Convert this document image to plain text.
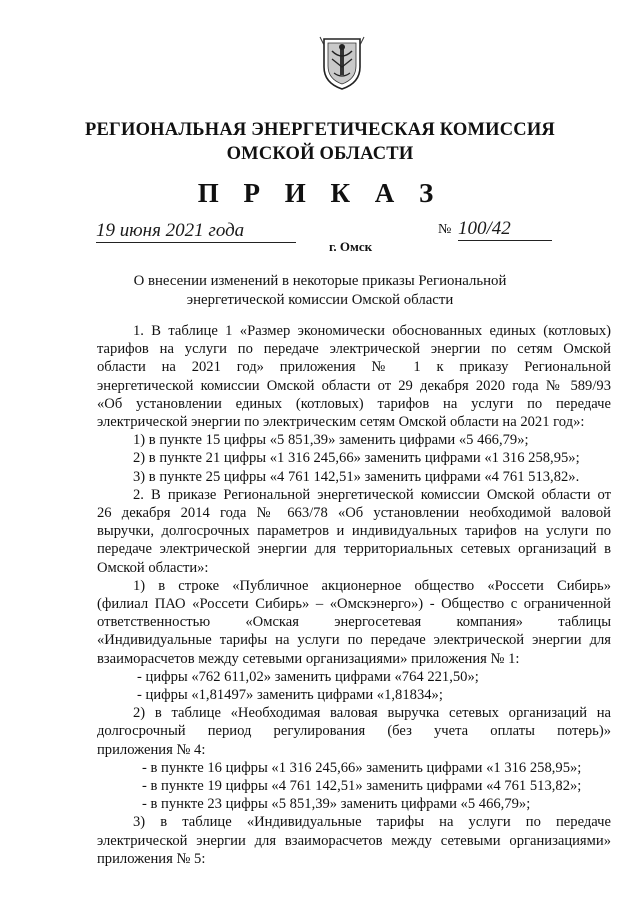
РЕГИОНАЛЬНАЯ ЭНЕРГЕТИЧЕСКАЯ КОМИССИЯ
ОМСКОЙ ОБЛАСТИ
П Р И К А З
19 июня 2021 года	№ 100/42
г. Омск
О внесении изменений в некоторые приказы Региональной
энергетической комиссии Омской области

1. В таблице 1 «Размер экономически обоснованных единых (котловых)

тарифов на услуги по передаче электрической энергии по сетям Омской

области на 2021 год» приложения № 1 к приказу Региональной

энергетической комиссии Омской области от 29 декабря 2020 года № 589/93

«Об установлении единых (котловых) тарифов на услуги по передаче

электрической энергии по электрическим сетям Омской области на 2021 год»:

1) в пункте 15 цифры «5 851,39» заменить цифрами «5 466,79»;

2) в пункте 21 цифры «1 316 245,66» заменить цифрами «1 316 258,95»;

3) в пункте 25 цифры «4 761 142,51» заменить цифрами «4 761 513,82».

2. В приказе Региональной энергетической комиссии Омской области от

26 декабря 2014 года № 663/78 «Об установлении необходимой валовой

выручки, долгосрочных параметров и индивидуальных тарифов на услуги по

передаче электрической энергии для территориальных сетевых организаций в

Омской области»:

1) в строке «Публичное акционерное общество «Россети Сибирь»

(филиал ПАО «Россети Сибирь» – «Омскэнерго») - Общество с ограниченной

ответственностью «Омская энергосетевая компания» таблицы

«Индивидуальные тарифы на услуги по передаче электрической энергии для

взаиморасчетов между сетевыми организациями» приложения № 1:

- цифры «762 611,02» заменить цифрами «764 221,50»;

- цифры «1,81497» заменить цифрами «1,81834»;

2) в таблице «Необходимая валовая выручка сетевых организаций на

долгосрочный период регулирования (без учета оплаты потерь)»

приложения № 4:

- в пункте 16 цифры «1 316 245,66» заменить цифрами «1 316 258,95»;

- в пункте 19 цифры «4 761 142,51» заменить цифрами «4 761 513,82»;

- в пункте 23 цифры «5 851,39» заменить цифрами «5 466,79»;

3) в таблице «Индивидуальные тарифы на услуги по передаче

электрической энергии для взаиморасчетов между сетевыми организациями»

приложения № 5:
